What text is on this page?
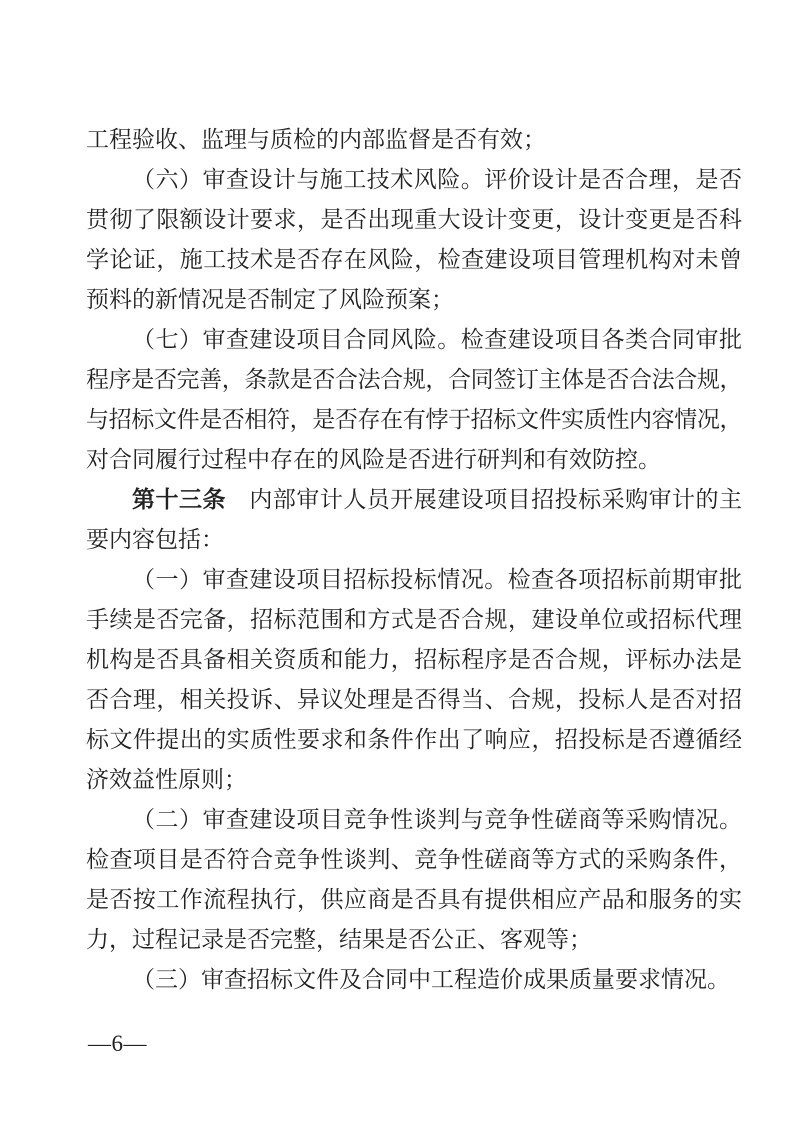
工程验收、监理与质检的内部监督是否有效；
（六）审查设计与施工技术风险。评价设计是否合理，是否
贯彻了限额设计要求，是否出现重大设计变更，设计变更是否科
学论证，施工技术是否存在风险，检查建设项目管理机构对未曾
预料的新情况是否制定了风险预案；
（七）审查建设项目合同风险。检查建设项目各类合同审批
程序是否完善，条款是否合法合规，合同签订主体是否合法合规，
与招标文件是否相符，是否存在有悖于招标文件实质性内容情况，
对合同履行过程中存在的风险是否进行研判和有效防控。
第十三条　内部审计人员开展建设项目招投标采购审计的主
要内容包括：
（一）审查建设项目招标投标情况。检查各项招标前期审批
手续是否完备，招标范围和方式是否合规，建设单位或招标代理
机构是否具备相关资质和能力，招标程序是否合规，评标办法是
否合理，相关投诉、异议处理是否得当、合规，投标人是否对招
标文件提出的实质性要求和条件作出了响应，招投标是否遵循经
济效益性原则；
（二）审查建设项目竞争性谈判与竞争性磋商等采购情况。
检查项目是否符合竞争性谈判、竞争性磋商等方式的采购条件，
是否按工作流程执行，供应商是否具有提供相应产品和服务的实
力，过程记录是否完整，结果是否公正、客观等；
（三）审查招标文件及合同中工程造价成果质量要求情况。
—6—
